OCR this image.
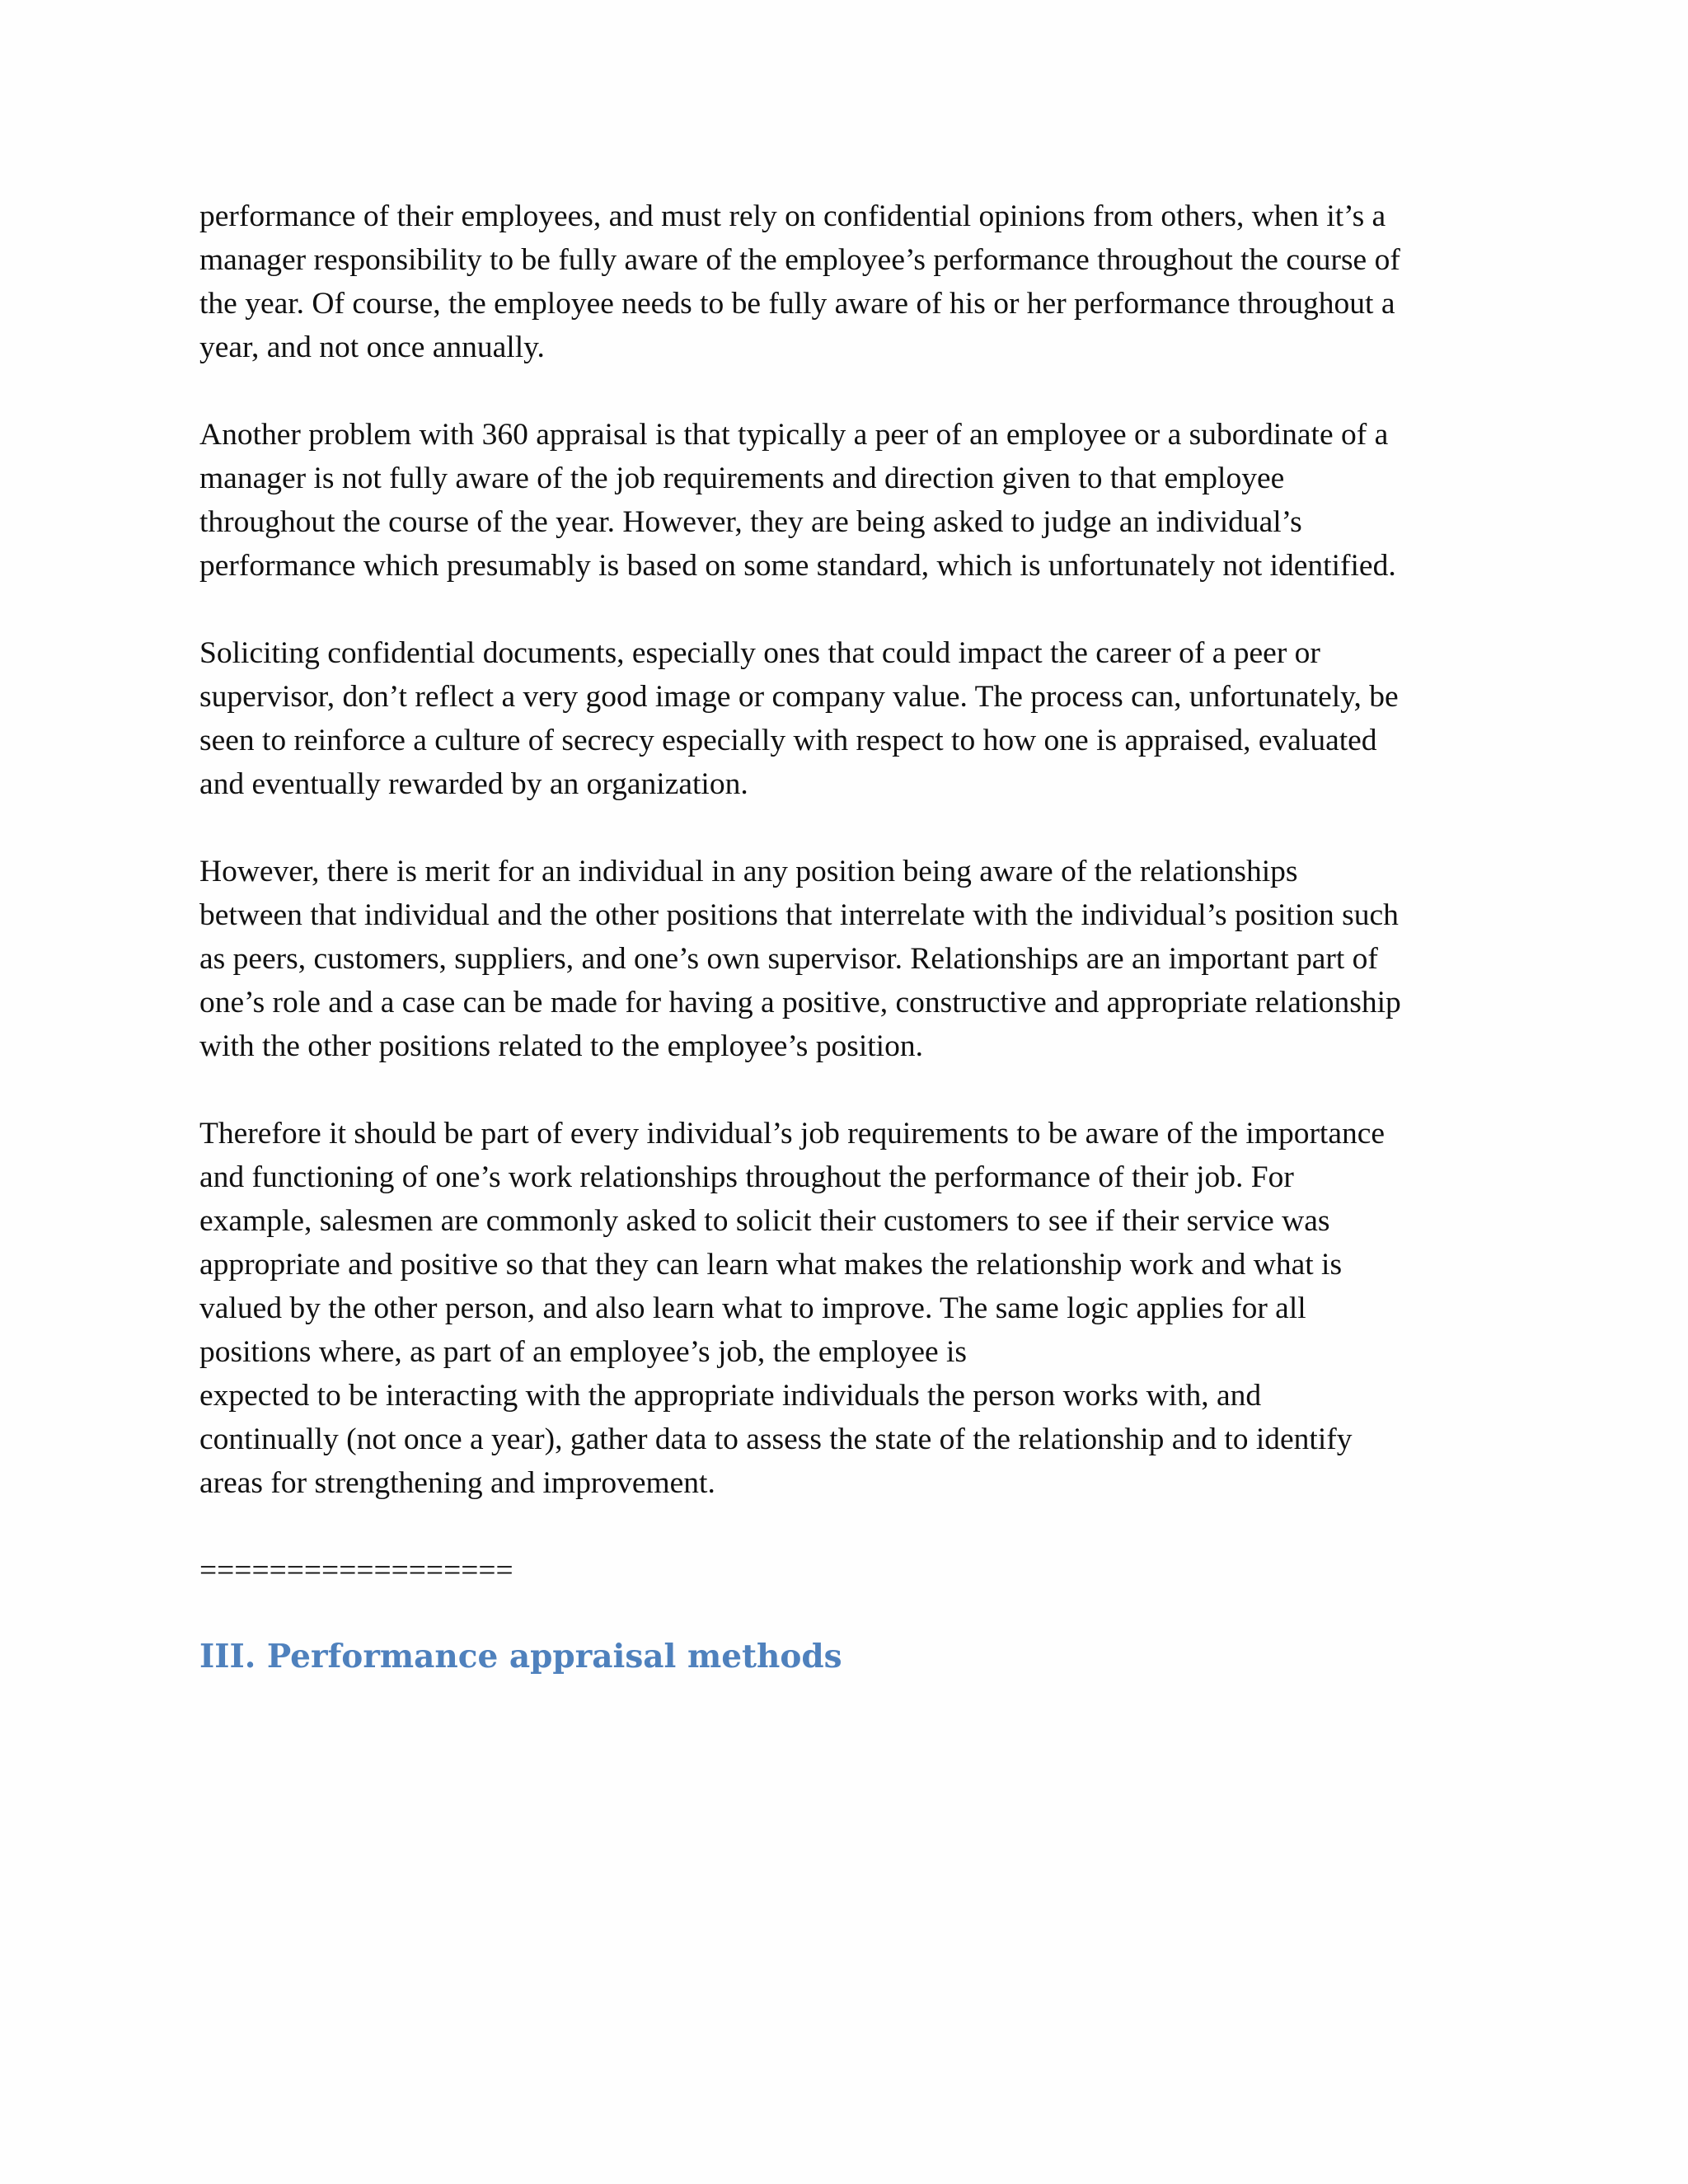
performance of their employees, and must rely on confidential opinions from others, when it’s a
manager responsibility to be fully aware of the employee’s performance throughout the course of
the year. Of course, the employee needs to be fully aware of his or her performance throughout a
year, and not once annually.

Another problem with 360 appraisal is that typically a peer of an employee or a subordinate of a
manager is not fully aware of the job requirements and direction given to that employee
throughout the course of the year. However, they are being asked to judge an individual’s
performance which presumably is based on some standard, which is unfortunately not identified.

Soliciting confidential documents, especially ones that could impact the career of a peer or
supervisor, don’t reflect a very good image or company value. The process can, unfortunately, be
seen to reinforce a culture of secrecy especially with respect to how one is appraised, evaluated
and eventually rewarded by an organization.

However, there is merit for an individual in any position being aware of the relationships
between that individual and the other positions that interrelate with the individual’s position such
as peers, customers, suppliers, and one’s own supervisor. Relationships are an important part of
one’s role and a case can be made for having a positive, constructive and appropriate relationship
with the other positions related to the employee’s position.

Therefore it should be part of every individual’s job requirements to be aware of the importance
and functioning of one’s work relationships throughout the performance of their job. For
example, salesmen are commonly asked to solicit their customers to see if their service was
appropriate and positive so that they can learn what makes the relationship work and what is
valued by the other person, and also learn what to improve. The same logic applies for all
positions where, as part of an employee’s job, the employee is
expected to be interacting with the appropriate individuals the person works with, and
continually (not once a year), gather data to assess the state of the relationship and to identify
areas for strengthening and improvement.

==================
III. Performance appraisal methods
